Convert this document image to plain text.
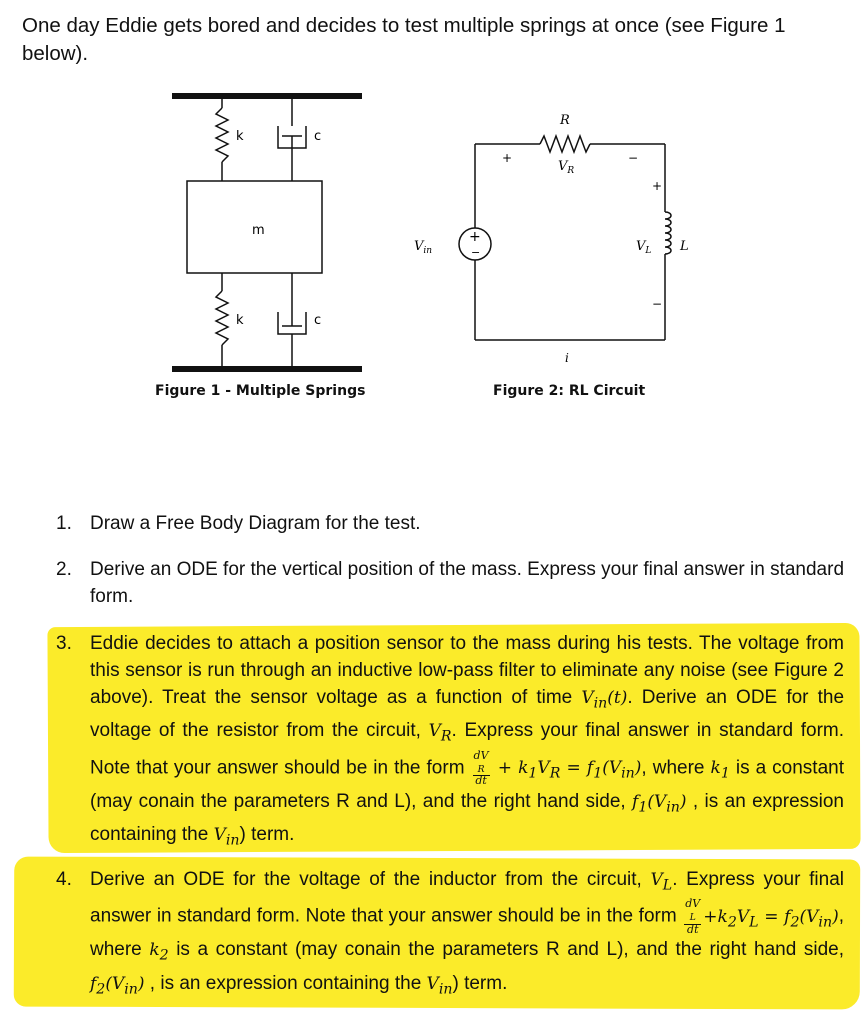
One day Eddie gets bored and decides to test multiple springs at once (see Figure 1 below).

k	c
m
k	c
Figure 1 - Multiple Springs
R
$V_R$
+	−
+
−
$V_{in}$
i
L
$V_L$
+
−
Figure 2: RL Circuit
1. Draw a Free Body Diagram for the test.
2. Derive an ODE for the vertical position of the mass. Express your final answer in standard form.
3. Eddie decides to attach a position sensor to the mass during his tests. The voltage from this sensor is run through an inductive low-pass filter to eliminate any noise (see Figure 2 above). Treat the sensor voltage as a function of time $V_{in}(t)$. Derive an ODE for the voltage of the resistor from the circuit, $V_R$. Express your final answer in standard form. Note that your answer should be in the form dV
$_R$
dt + $k_1V_R = f_1(V_{in})$, where $k_1$ is a constant (may conain the parameters R and L), and the right hand side, $f_1(V_{in})$ , is an expression containing the $V_{in}$) term.
4. Derive an ODE for the voltage of the inductor from the circuit, $V_L$. Express your final answer in standard form. Note that your answer should be in the form dV
$_L$
dt $+k_2V_L = f_2(V_{in})$, where $k_2$ is a constant (may conain the parameters R and L), and the right hand side, $f_2(V_{in})$ , is an expression containing the $V_{in}$) term.
